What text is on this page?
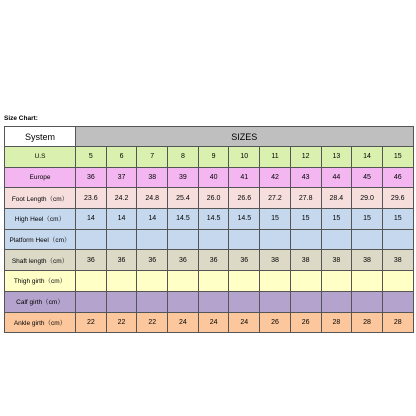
Size Chart:
System	SIZES										
U.S	5	6	7	8	9	10	11	12	13	14	15
Europe	36	37	38	39	40	41	42	43	44	45	46
Foot Length（cm）	23.6	24.2	24.8	25.4	26.0	26.6	27.2	27.8	28.4	29.0	29.6
High Heel（cm）	14	14	14	14.5	14.5	14.5	15	15	15	15	15
Platform Heel（cm）											
Shaft length（cm）	36	36	36	36	36	36	38	38	38	38	38
Thigh girth（cm）											
Calf girth（cm）											
Ankle girth（cm）	22	22	22	24	24	24	26	26	28	28	28
